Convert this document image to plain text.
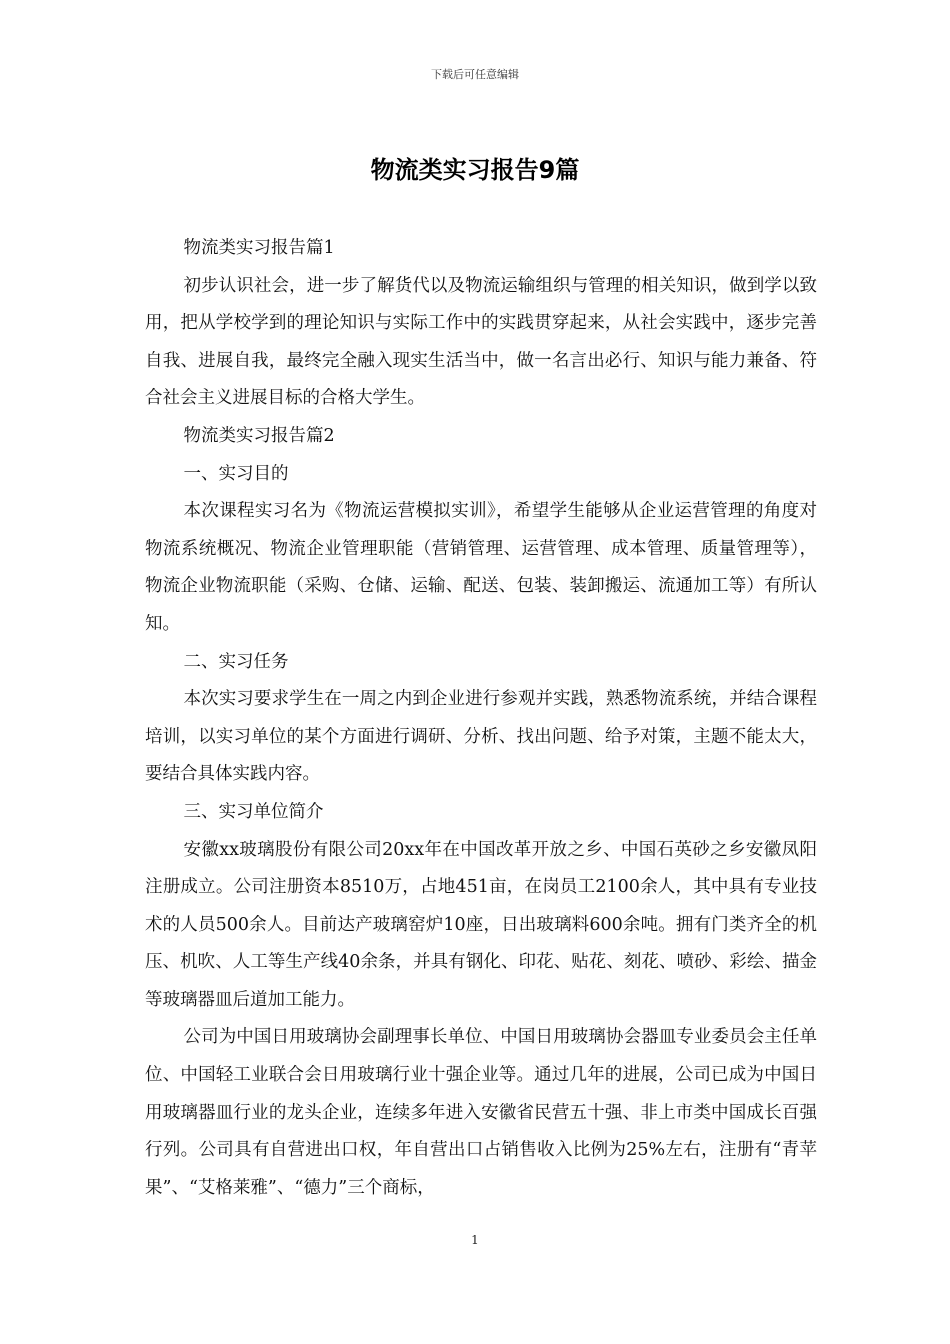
下载后可任意编辑
物流类实习报告9篇

物流类实习报告篇1

初步认识社会，进一步了解货代以及物流运输组织与管理的相关知识，做到学以致用，把从学校学到的理论知识与实际工作中的实践贯穿起来，从社会实践中，逐步完善自我、进展自我，最终完全融入现实生活当中，做一名言出必行、知识与能力兼备、符合社会主义进展目标的合格大学生。

物流类实习报告篇2

一、实习目的

本次课程实习名为《物流运营模拟实训》，希望学生能够从企业运营管理的角度对物流系统概况、物流企业管理职能（营销管理、运营管理、成本管理、质量管理等），物流企业物流职能（采购、仓储、运输、配送、包装、装卸搬运、流通加工等）有所认知。

二、实习任务

本次实习要求学生在一周之内到企业进行参观并实践，熟悉物流系统，并结合课程培训，以实习单位的某个方面进行调研、分析、找出问题、给予对策，主题不能太大，要结合具体实践内容。

三、实习单位简介

安徽xx玻璃股份有限公司20xx年在中国改革开放之乡、中国石英砂之乡安徽凤阳注册成立。公司注册资本8510万，占地451亩，在岗员工2100余人，其中具有专业技术的人员500余人。目前达产玻璃窑炉10座，日出玻璃料600余吨。拥有门类齐全的机压、机吹、人工等生产线40余条，并具有钢化、印花、贴花、刻花、喷砂、彩绘、描金等玻璃器皿后道加工能力。

公司为中国日用玻璃协会副理事长单位、中国日用玻璃协会器皿专业委员会主任单位、中国轻工业联合会日用玻璃行业十强企业等。通过几年的进展，公司已成为中国日用玻璃器皿行业的龙头企业，连续多年进入安徽省民营五十强、非上市类中国成长百强行列。公司具有自营进出口权，年自营出口占销售收入比例为25%左右，注册有“青苹果”、“艾格莱雅”、“德力”三个商标，

1
